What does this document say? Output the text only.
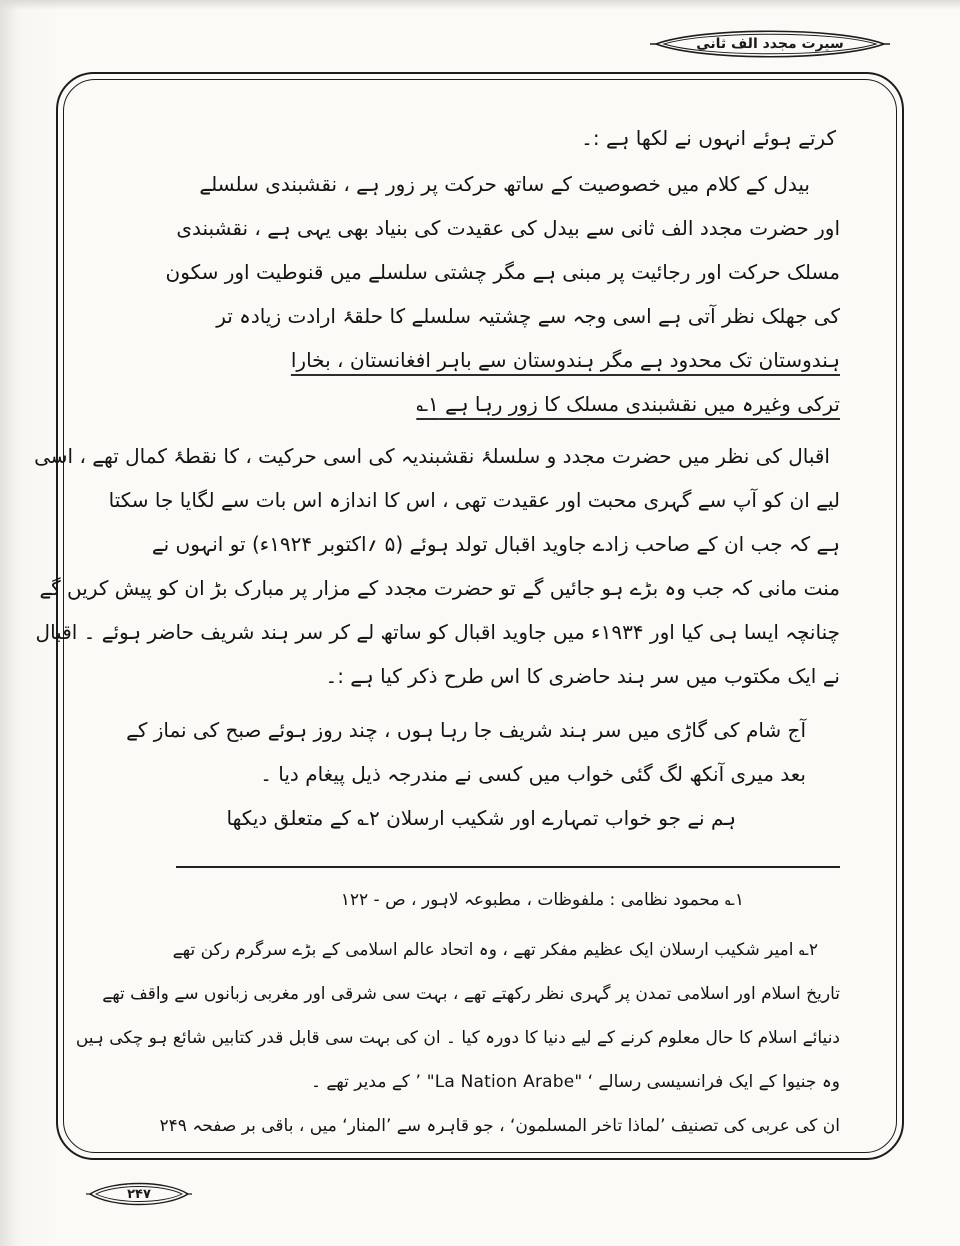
سیرت مجدد الف ثانی
کرتے ہوئے انہوں نے لکھا ہے :۔
بیدل کے کلام میں خصوصیت کے ساتھ حرکت پر زور ہے ، نقشبندی سلسلے
اور حضرت مجدد الف ثانی سے بیدل کی عقیدت کی بنیاد بھی یہی ہے ، نقشبندی
مسلک حرکت اور رجائیت پر مبنی ہے مگر چشتی سلسلے میں قنوطیت اور سکون
کی جھلک نظر آتی ہے اسی وجہ سے چشتیہ سلسلے کا حلقۂ ارادت زیادہ تر
ہندوستان تک محدود ہے مگر ہندوستان سے باہر افغانستان ، بخارا
ترکی وغیرہ میں نقشبندی مسلک کا زور رہا ہے ۱؎
اقبال کی نظر میں حضرت مجدد و سلسلۂ نقشبندیہ کی اسی حرکیت ، کا نقطۂ کمال تھے ، اسی
لیے ان کو آپ سے گہری محبت اور عقیدت تھی ، اس کا اندازہ اس بات سے لگایا جا سکتا
ہے کہ جب ان کے صاحب زادے جاوید اقبال تولد ہوئے (۵ ؍اکتوبر ۱۹۲۴ء) تو انہوں نے
منت مانی کہ جب وہ بڑے ہو جائیں گے تو حضرت مجدد کے مزار پر مبارک بڑ ان کو پیش کریں گے
چنانچہ ایسا ہی کیا اور ۱۹۳۴ء میں جاوید اقبال کو ساتھ لے کر سر ہند شریف حاضر ہوئے ۔ اقبال
نے ایک مکتوب میں سر ہند حاضری کا اس طرح ذکر کیا ہے :۔
آج شام کی گاڑی میں سر ہند شریف جا رہا ہوں ، چند روز ہوئے صبح کی نماز کے
بعد میری آنکھ لگ گئی خواب میں کسی نے مندرجہ ذیل پیغام دیا ۔
ہم نے جو خواب تمہارے اور شکیب ارسلان ۲؎ کے متعلق دیکھا
۱؎ محمود نظامی : ملفوظات ، مطبوعہ لاہور ، ص - ۱۲۲
۲؎ امیر شکیب ارسلان ایک عظیم مفکر تھے ، وہ اتحاد عالم اسلامی کے بڑے سرگرم رکن تھے
تاریخ اسلام اور اسلامی تمدن پر گہری نظر رکھتے تھے ، بہت سی شرقی اور مغربی زبانوں سے واقف تھے
دنیائے اسلام کا حال معلوم کرنے کے لیے دنیا کا دورہ کیا ۔ ان کی بہت سی قابل قدر کتابیں شائع ہو چکی ہیں
وہ جنیوا کے ایک فرانسیسی رسالے ‘ "La Nation Arabe" ’ کے مدیر تھے ۔
ان کی عربی کی تصنیف ’لماذا تاخر المسلمون‘ ، جو قاہرہ سے ’المنار‘ میں ، باقی بر صفحہ ۲۴۹
۲۴۷
